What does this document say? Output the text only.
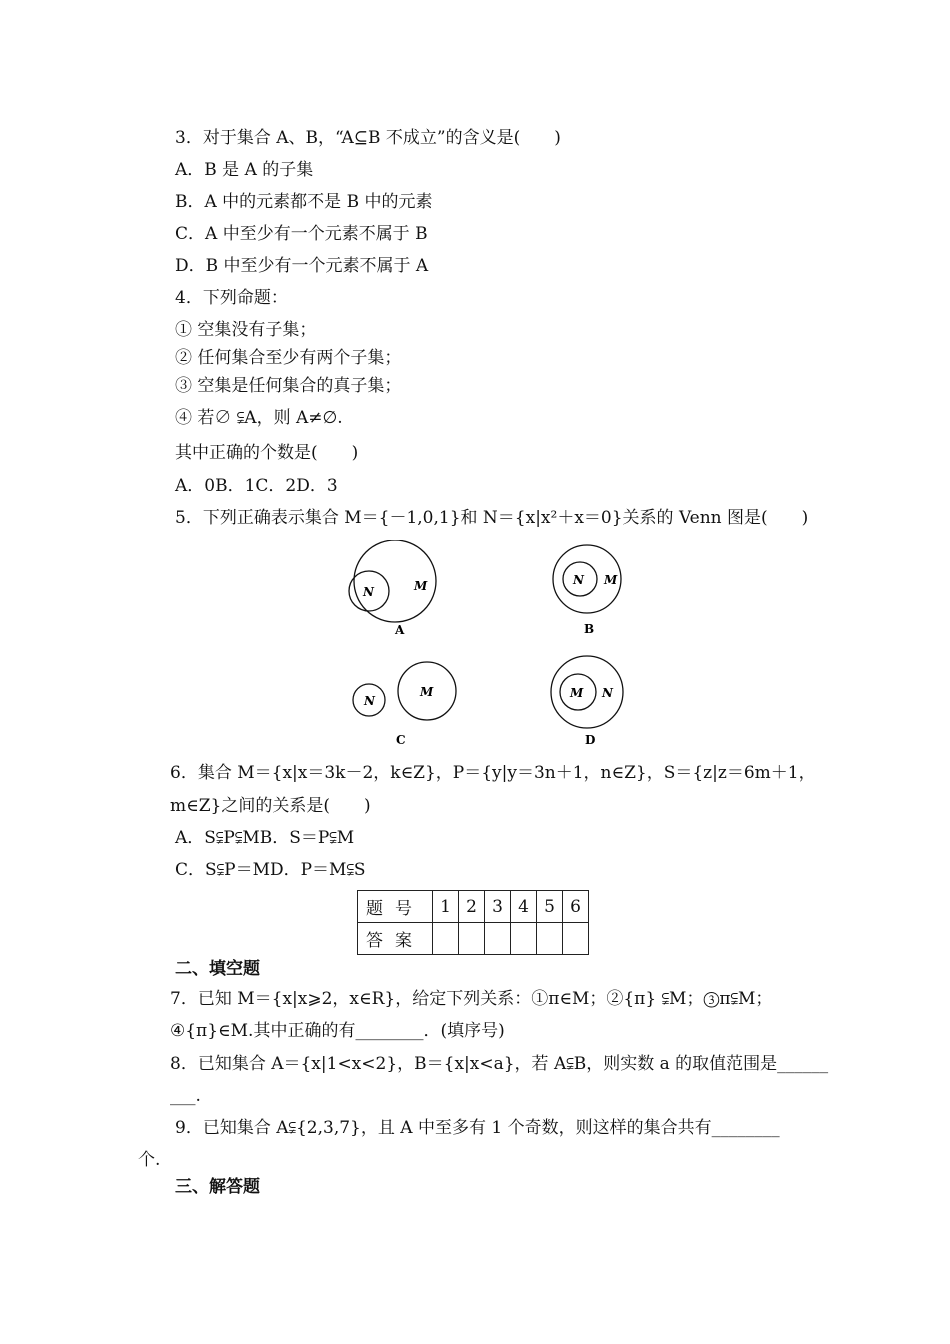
3．对于集合 A、B，“A⊆B 不成立”的含义是(　　)
A．B 是 A 的子集
B．A 中的元素都不是 B 中的元素
C．A 中至少有一个元素不属于 B
D．B 中至少有一个元素不属于 A
4．下列命题：
① 空集没有子集；
② 任何集合至少有两个子集；
③ 空集是任何集合的真子集；
④ 若∅ ⫋A，则 A≠∅.
其中正确的个数是(　　)
A．0B．1C．2D．3
5．下列正确表示集合 M＝{－1,0,1}和 N＝{x|x²＋x＝0}关系的 Venn 图是(　　)
M
N
A
N M
B
N
M
C
M N
D
6．集合 M＝{x|x＝3k－2，k∈Z}，P＝{y|y＝3n＋1，n∈Z}，S＝{z|z＝6m＋1，
m∈Z}之间的关系是(　　)
A．S⫋P⫋MB．S＝P⫋M
C．S⫋P＝MD．P＝M⫋S
题号	1	2	3	4	5	6
答案						
二、填空题
7．已知 M＝{x|x⩾2，x∈R}，给定下列关系：①π∈M；②{π} ⫋M；③π⫋M；
④{π}∈M.其中正确的有________．(填序号)
8．已知集合 A＝{x|1<x<2}，B＝{x|x<a}，若 A⫋B，则实数 a 的取值范围是______
___.
9．已知集合 A⫋{2,3,7}，且 A 中至多有 1 个奇数，则这样的集合共有________
个.
三、解答题
